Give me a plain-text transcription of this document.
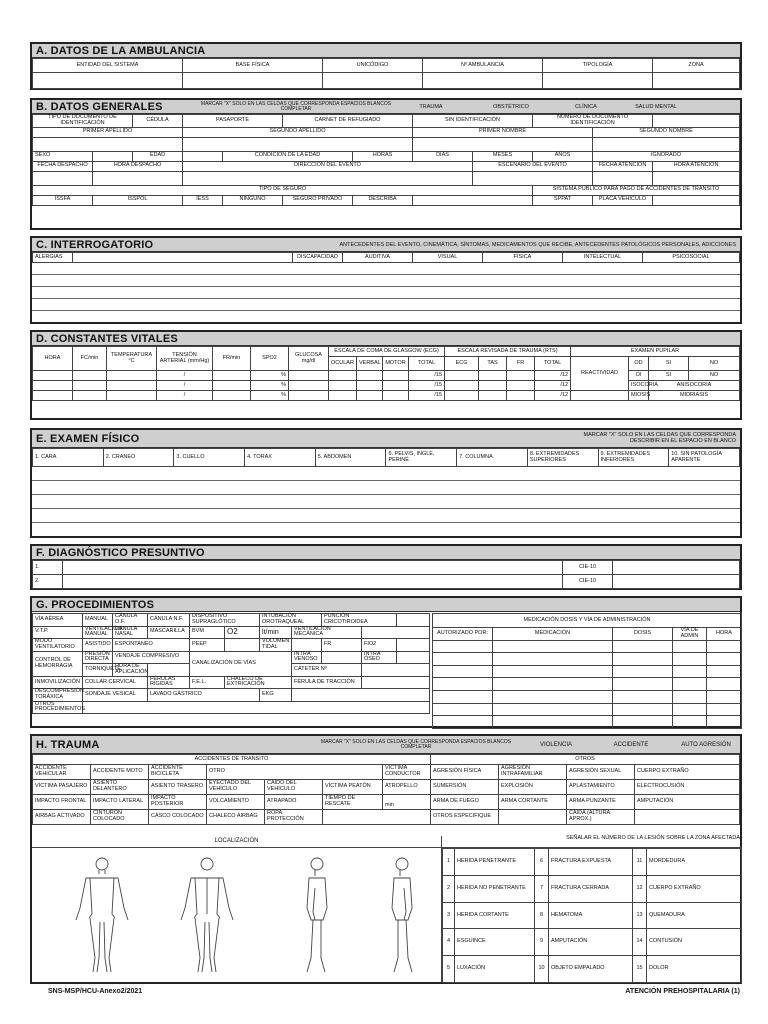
A. DATOS DE LA AMBULANCIA
ENTIDAD DEL SISTEMA	BASE FÍSICA	UNICÓDIGO	Nº AMBULANCIA	TIPOLOGÍA	ZONA

B. DATOS GENERALES	MARCAR "X" SOLO EN LAS CELDAS QUE CORRESPONDA ESPACIOS BLANCOS COMPLETAR	TRAUMA	OBSTÉTRICO	CLÍNICA	SALUD MENTAL
TIPO DE DOCUMENTO DE IDENTIFICACIÓN		CÉDULA	PASAPORTE		CARNET DE REFUGIADO		SIN IDENTIFICACIÓN		NÚMERO DE DOCUMENTO IDENTIFICACIÓN		
PRIMER APELLIDO			SEGUNDO APELLIDO				PRIMER NOMBRE			SEGUNDO NOMBRE	

SEXO		EDAD		CONDICIÓN DE LA EDAD		HORAS	DÍAS	MESES	AÑOS	IGNORADO	
FECHA DESPACHO	HORA DESPACHO		DIRECCIÓN DEL EVENTO					ESCENARIO DEL EVENTO		FECHA ATENCIÓN	HORA ATENCIÓN

TIPO DE SEGURO									SISTEMA PÚBLICO PARA PAGO DE ACCIDENTES DE TRÁNSITO		
ISSFA	ISSPOL		IESS	NINGUNO	SEGURO PRIVADO	DESCRIBA			SPPAT	PLACA VEHÍCULO	
C. INTERROGATORIO	ANTECEDENTES DEL EVENTO, CINEMÁTICA, SÍNTOMAS, MEDICAMENTOS QUE RECIBE, ANTECEDENTES PATOLÓGICOS PERSONALES, ADICCIONES
ALERGIAS		DISCAPACIDAD	AUDITIVA	VISUAL	FÍSICA	INTELECTUAL	PSICOSOCIAL
D. CONSTANTES VITALES
HORA	FC/min	TEMPERATURA °C	TENSIÓN ARTERIAL (mm/Hg)	FR/min	SPO2	GLUCOSA mg/dl	ESCALA DE COMA DE GLASGOW (ECG)				ESCALA REVISADA DE TRAUMA (RTS)				EXAMEN PUPILAR			
							OCULAR	VERBAL	MOTOR	TOTAL	ECG	TAS	FR	TOTAL	REACTIVIDAD	OD	SI	NO
			/		%					/15				/12		OI	SI	NO
			/		%					/15				/12		ISOCORIA	ANISOCORIA	
			/		%					/15				/12		MIOSIS	MIDRIASIS	
E. EXAMEN FÍSICO	MARCAR "X" SOLO EN LAS CELDAS QUE CORRESPONDA DESCRIBIR EN EL ESPACIO EN BLANCO
1. CARA	2. CRANEO	3. CUELLO	4. TORAX	5. ABDOMEN	6. PELVIS, INGLE, PERINÉ	7. COLUMNA	8. EXTREMIDADES SUPERIORES	9. EXTREMIDADES INFERIORES	10. SIN PATOLOGÍA APARENTE
F. DIAGNÓSTICO PRESUNTIVO
1.		CIE-10	
2.		CIE-10	
G. PROCEDIMIENTOS
VÍA AÉREA	MANUAL	CÁNULA O.F.	CÁNULA N.F.	DISPOSITIVO SUPRAGLÓTICO		INTUBACIÓN OROTRAQUEAL		PUNCIÓN CRICOTIROIDEA		
V.T.P.	VENTILACIÓN MANUAL	CÁNULA NASAL	MASCARILLA	BVM	O2	lt/min	VENTILACIÓN MECÁNICA			
MODO VENTILATORIO	ASISTIDO	ESPONTANEO		PEEP		VOLUMEN TIDAL		FR	FIO2	
CONTROL DE HEMORRAGIA	PRESIÓN DIRECTA	VENDAJE COMPRESIVO		CANALIZACIÓN DE VÍAS			INTRA VENOSO		INTRA ÓSEO	
	TORNIQUETE	HORA DE APLICACIÓN					CATETER Nº			
INMOVILIZACIÓN	COLLAR CERVICAL		FÉRULAS RÍGIDAS	F.E.L.	CHALECO DE EXTRICACIÓN		FÉRULA DE TRACCIÓN			
DESCOMPRESIÓN TORÁXICA	SONDAJE VESICAL		LAVADO GÁSTRICO			EKG				
OTROS PROCEDIMIENTOS										
MEDICACIÓN DOSIS Y VÍA DE ADMINISTRACIÓN				
AUTORIZADO POR:	MEDICACIÓN	DOSIS	VÍA DE ADMIN	HORA

H. TRAUMA	MARCAR "X" SOLO EN LAS CELDAS QUE CORRESPONDA ESPACIOS BLANCOS COMPLETAR	VIOLENCIA	ACCIDENTE	AUTO AGRESIÓN
ACCIDENTES DE TRANSITO							OTROS			
ACCIDENTE VEHICULAR	ACCIDENTE MOTO	ACCIDENTE BICICLETA	OTRO			VÍCTIMA CONDUCTOR	AGRESIÓN FÍSICA	AGRESIÓN INTRAFAMILIAR	AGRESIÓN SEXUAL	CUERPO EXTRAÑO
VÍCTIMA PASAJERO	ASIENTO DELANTERO	ASIENTO TRASERO	EYECTADO DEL VEHÍCULO	CAÍDO DEL VEHÍCULO	VÍCTIMA PEATÓN	ATROPELLO	SUMERSIÓN	EXPLOSIÓN	APLASTAMIENTO	ELECTROCUSIÓN
IMPACTO FRONTAL	IMPACTO LATERAL	IMPACTO POSTERIOR	VOLCAMIENTO	ATRAPADO	TIEMPO DE RESCATE	min	ARMA DE FUEGO	ARMA CORTANTE	ARMA PUNZANTE	AMPUTACIÓN
AIRBAG ACTIVADO	CINTURÓN COLOCADO	CASCO COLOCADO	CHALECO AIRBAG	ROPA PROTECCIÓN			OTROS ESPECIFIQUE		CAÍDA (ALTURA APROX.)	
LOCALIZACIÓN	SEÑALAR EL NÚMERO DE LA LESIÓN SOBRE LA ZONA AFECTADA
1	HERIDA PENETRANTE	6	FRACTURA EXPUESTA	11	MORDEDURA
2	HERIDA NO PENETRANTE	7	FRACTURA CERRADA	12	CUERPO EXTRAÑO
3	HERIDA CORTANTE	8	HEMATOMA	13	QUEMADURA
4	ESGUINCE	9	AMPUTACIÓN	14	CONTUSIÓN
5	LUXACIÓN	10	OBJETO EMPALADO	15	DOLOR
SNS-MSP/HCU-Anexo2/2021	ATENCIÓN PREHOSPITALARIA (1)
